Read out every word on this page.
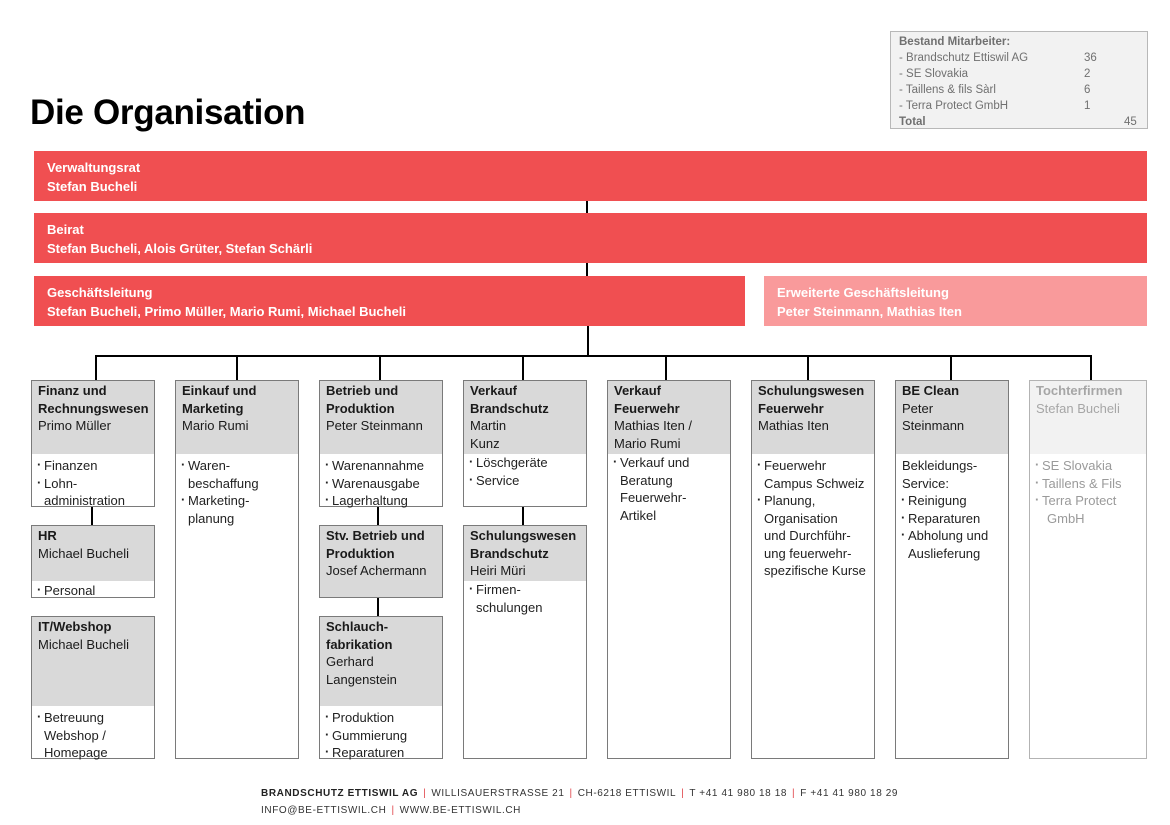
Die Organisation
Bestand Mitarbeiter:
- Brandschutz Ettiswil AG	36
- SE Slovakia	2
- Taillens & fils Sàrl	6
- Terra Protect GmbH	1
Total	45
Verwaltungsrat
Stefan Bucheli
Beirat
Stefan Bucheli, Alois Grüter, Stefan Schärli
Geschäftsleitung
Stefan Bucheli, Primo Müller, Mario Rumi, Michael Bucheli
Erweiterte Geschäftsleitung
Peter Steinmann, Mathias Iten
Finanz und
Rechnungswesen
Primo Müller
· Finanzen
· Lohn-
administration
HR
Michael Bucheli
· Personal
IT/Webshop
Michael Bucheli
· Betreuung
Webshop /
Homepage
Einkauf und
Marketing
Mario Rumi
· Waren-
beschaffung
· Marketing-
planung
Betrieb und
Produktion
Peter Steinmann
· Warenannahme
· Warenausgabe
· Lagerhaltung
Stv. Betrieb und
Produktion
Josef Achermann
Schlauch-
fabrikation
Gerhard
Langenstein
· Produktion
· Gummierung
· Reparaturen
Verkauf
Brandschutz
Martin
Kunz
· Löschgeräte
· Service
Schulungswesen
Brandschutz
Heiri Müri
· Firmen-
schulungen
Verkauf
Feuerwehr
Mathias Iten /
Mario Rumi
· Verkauf und
Beratung
Feuerwehr-
Artikel
Schulungswesen
Feuerwehr
Mathias Iten
· Feuerwehr
Campus Schweiz
· Planung,
Organisation
und Durchführ-
ung feuerwehr-
spezifische Kurse
BE Clean
Peter
Steinmann
Bekleidungs-
Service:
· Reinigung
· Reparaturen
· Abholung und
Auslieferung
Tochterfirmen
Stefan Bucheli
· SE Slovakia
· Taillens & Fils
· Terra Protect
GmbH
BRANDSCHUTZ ETTISWIL AG | WILLISAUERSTRASSE 21 | CH-6218 ETTISWIL | T +41 41 980 18 18 | F +41 41 980 18 29
INFO@BE-ETTISWIL.CH | WWW.BE-ETTISWIL.CH
